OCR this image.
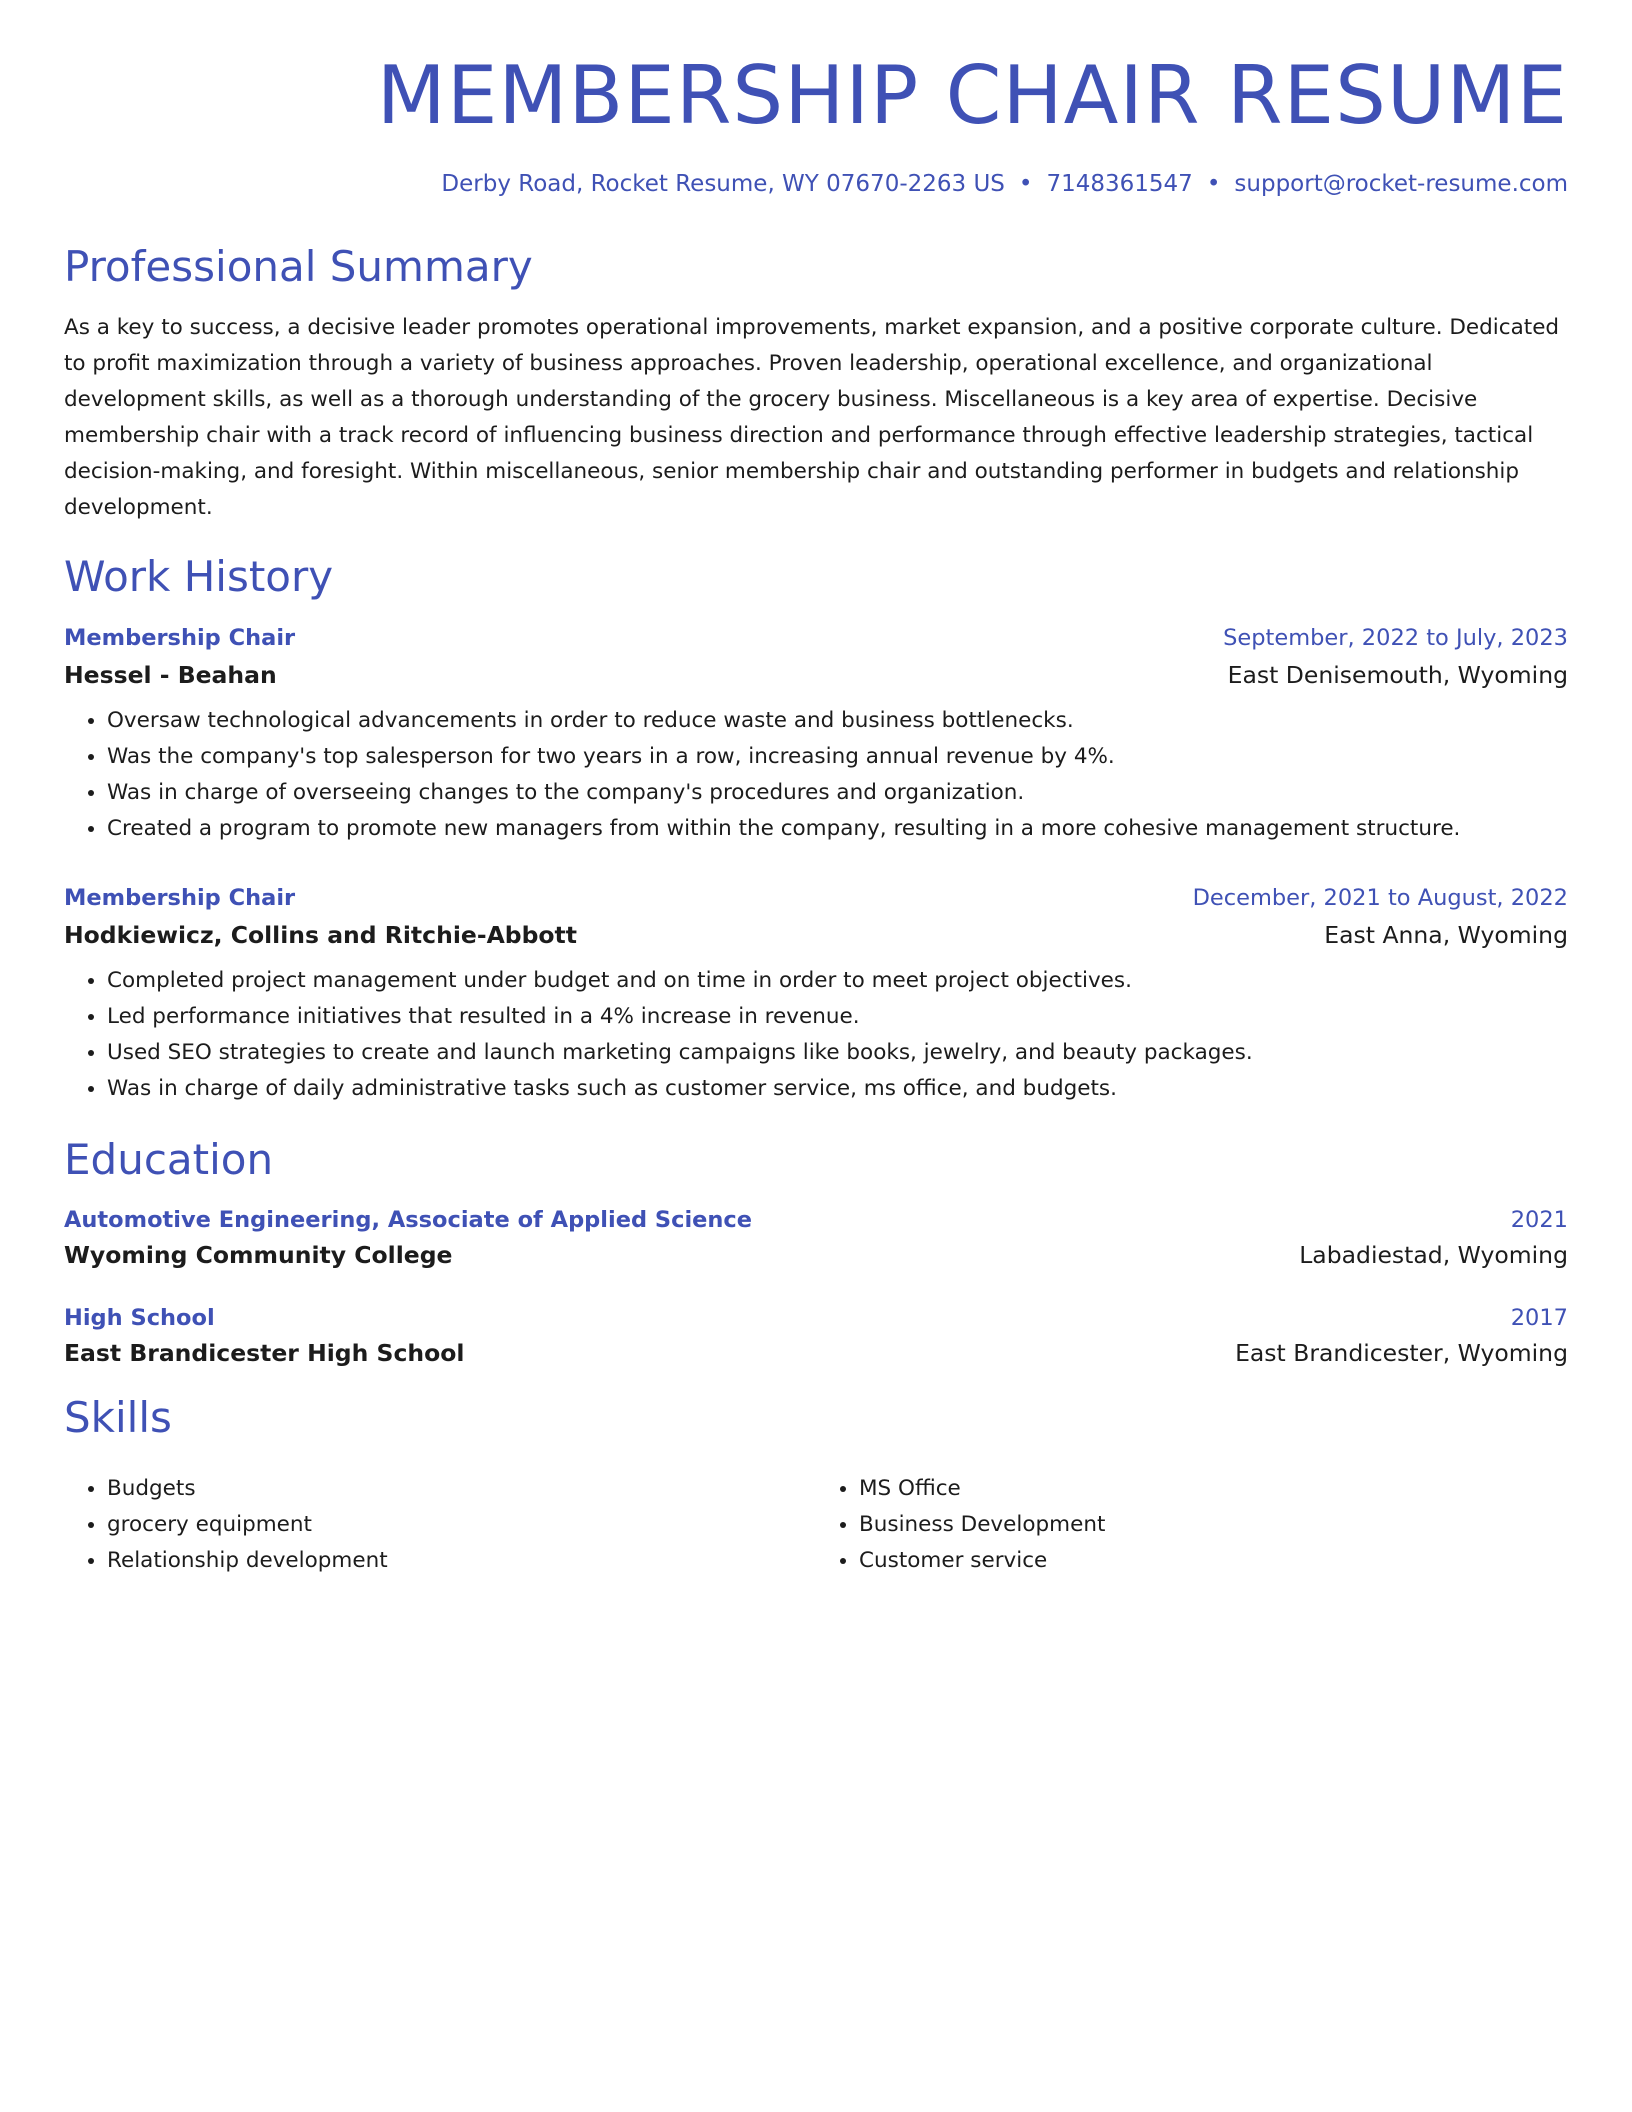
MEMBERSHIP CHAIR RESUME
Derby Road, Rocket Resume, WY 07670-2263 US • 7148361547 • support@rocket-resume.com
Professional Summary

As a key to success, a decisive leader promotes operational improvements, market expansion, and a positive corporate culture. Dedicated to profit maximization through a variety of business approaches. Proven leadership, operational excellence, and organizational development skills, as well as a thorough understanding of the grocery business. Miscellaneous is a key area of expertise. Decisive membership chair with a track record of influencing business direction and performance through effective leadership strategies, tactical decision-making, and foresight. Within miscellaneous, senior membership chair and outstanding performer in budgets and relationship development.

Work History
Membership Chair	September, 2022 to July, 2023
Hessel - Beahan	East Denisemouth, Wyoming
• Oversaw technological advancements in order to reduce waste and business bottlenecks.
• Was the company's top salesperson for two years in a row, increasing annual revenue by 4%.
• Was in charge of overseeing changes to the company's procedures and organization.
• Created a program to promote new managers from within the company, resulting in a more cohesive management structure.
Membership Chair	December, 2021 to August, 2022
Hodkiewicz, Collins and Ritchie-Abbott	East Anna, Wyoming
• Completed project management under budget and on time in order to meet project objectives.
• Led performance initiatives that resulted in a 4% increase in revenue.
• Used SEO strategies to create and launch marketing campaigns like books, jewelry, and beauty packages.
• Was in charge of daily administrative tasks such as customer service, ms office, and budgets.
Education
Automotive Engineering, Associate of Applied Science	2021
Wyoming Community College	Labadiestad, Wyoming
High School	2017
East Brandicester High School	East Brandicester, Wyoming
Skills
• Budgets
• grocery equipment
• Relationship development
• MS Office
• Business Development
• Customer service
